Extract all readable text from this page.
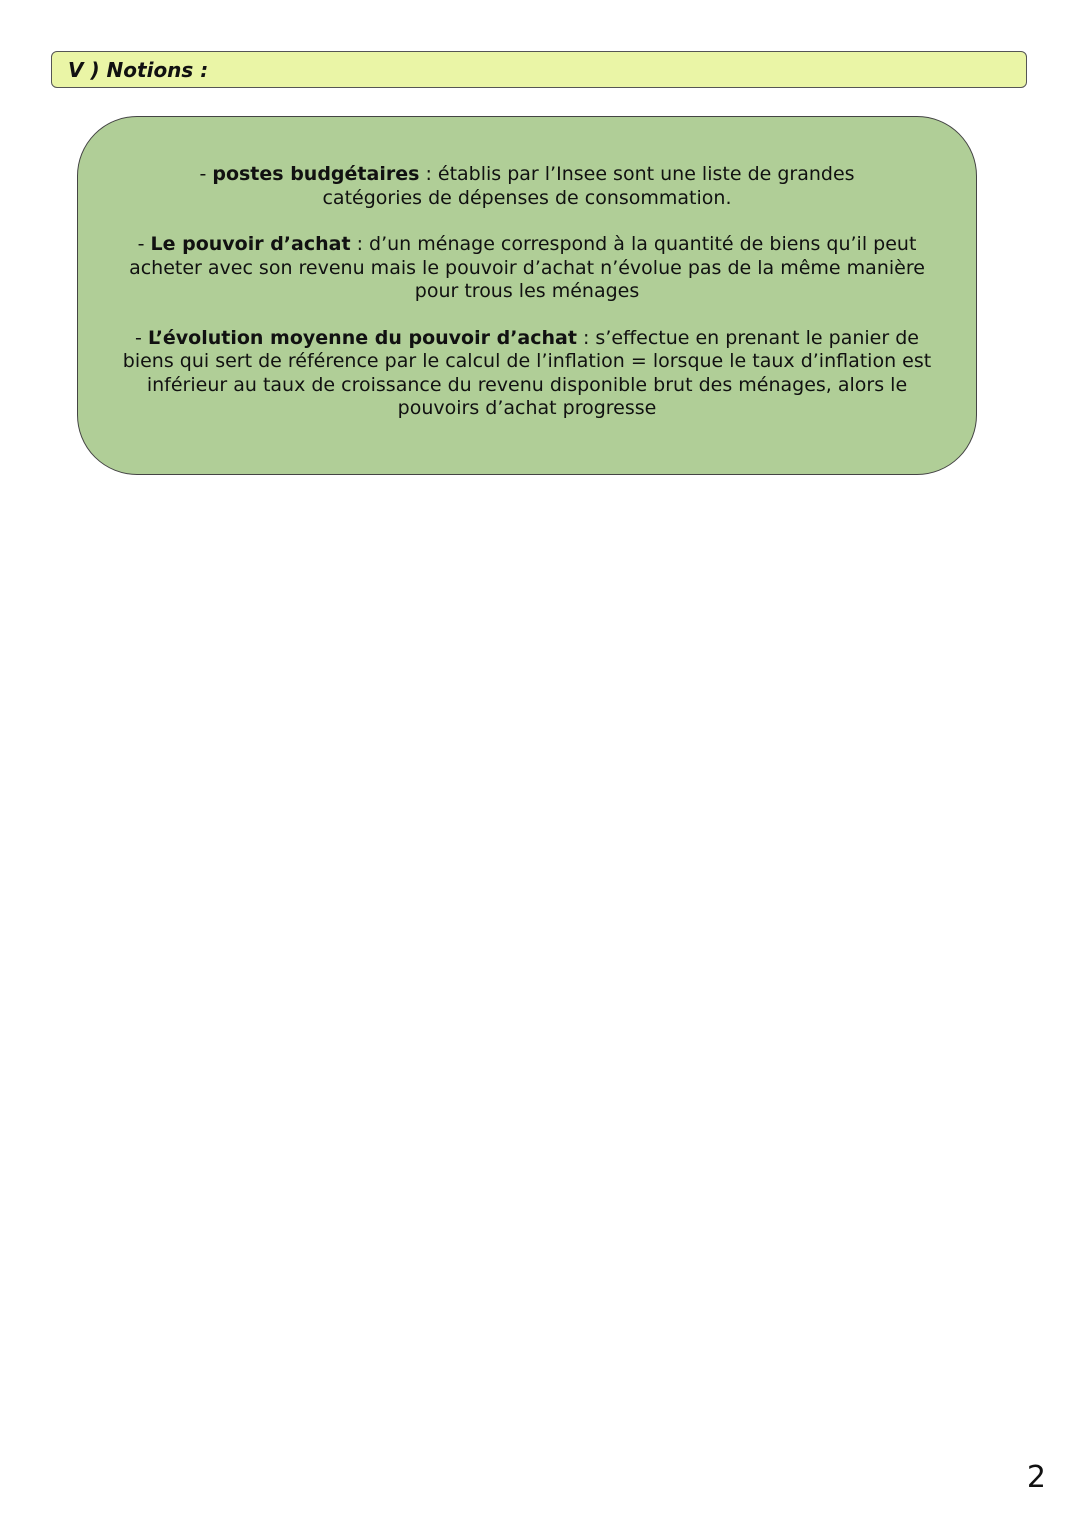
V ) Notions :

- postes budgétaires : établis par l’Insee sont une liste de grandes catégories de dépenses de consommation.

- Le pouvoir d’achat : d’un ménage correspond à la quantité de biens qu’il peut acheter avec son revenu mais le pouvoir d’achat n’évolue pas de la même manière pour trous les ménages

- L’évolution moyenne du pouvoir d’achat : s’effectue en prenant le panier de biens qui sert de référence par le calcul de l’inflation = lorsque le taux d’inflation est inférieur au taux de croissance du revenu disponible brut des ménages, alors le pouvoirs d’achat progresse

2
